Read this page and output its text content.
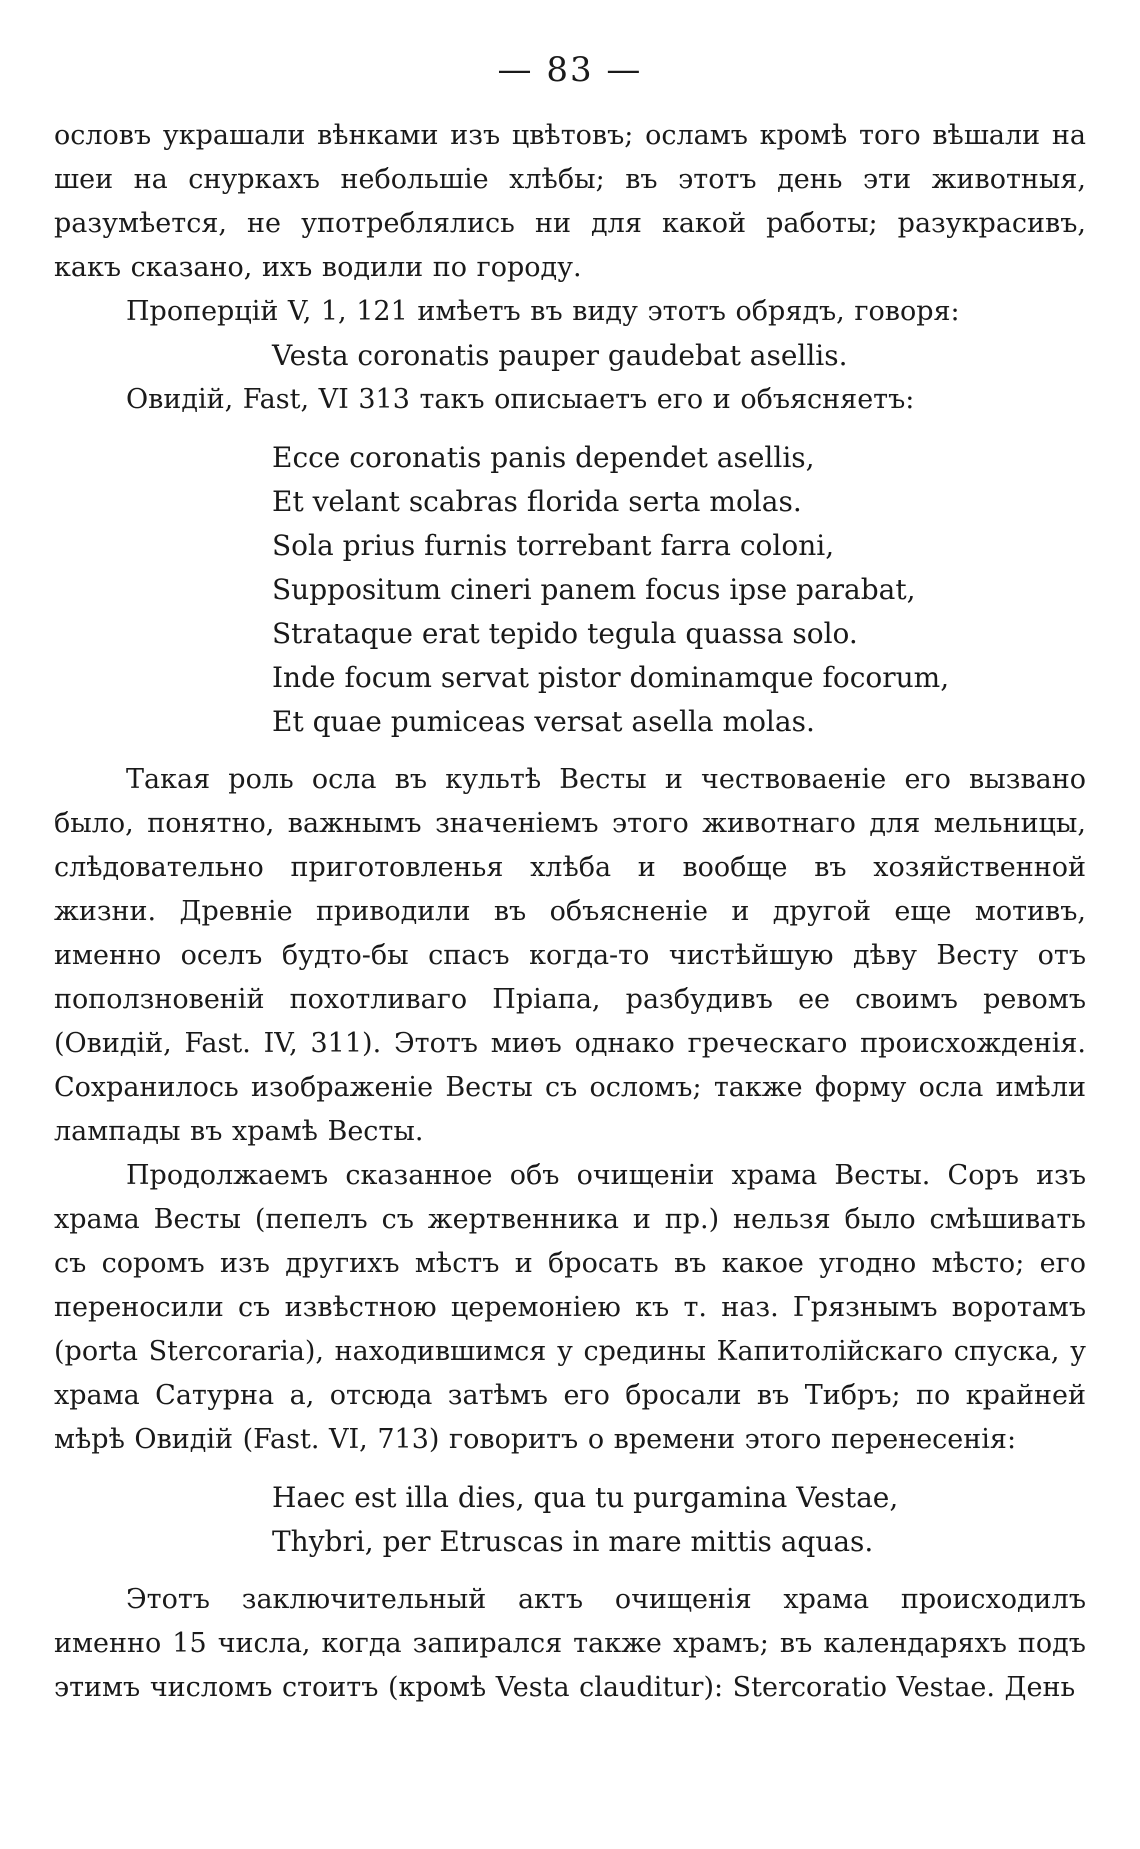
— 83 —

ословъ украшали вѣнками изъ цвѣтовъ; осламъ кромѣ того вѣшали на шеи на снуркахъ небольшіе хлѣбы; въ этотъ день эти животныя, разумѣется, не употреблялись ни для какой работы; разукрасивъ, какъ сказано, ихъ водили по городу.

Проперцій V, 1, 121 имѣетъ въ виду этотъ обрядъ, говоря:

Vesta coronatis pauper gaudebat asellis.

Овидій, Fast, VI 313 такъ описыаетъ его и объясняетъ:

Ecce coronatis panis dependet asellis,

Et velant scabras florida serta molas.

Sola prius furnis torrebant farra coloni,

Suppositum cineri panem focus ipse parabat,

Strataque erat tepido tegula quassa solo.

Inde focum servat pistor dominamque focorum,

Et quae pumiceas versat asella molas.

Такая роль осла въ культѣ Весты и чествоваеніе его вызвано было, понятно, важнымъ значеніемъ этого животнаго для мельницы, слѣдовательно приготовленья хлѣба и вообще въ хозяйственной жизни. Древніе приводили въ объясненіе и другой еще мотивъ, именно оселъ будто-бы спасъ когда-то чистѣйшую дѣву Весту отъ поползновеній похотливаго Пріапа, разбудивъ ее своимъ ревомъ (Овидій, Fast. IV, 311). Этотъ миѳъ однако греческаго происхожденія. Сохранилось изображеніе Весты съ осломъ; также форму осла имѣли лампады въ храмѣ Весты.

Продолжаемъ сказанное объ очищеніи храма Весты. Соръ изъ храма Весты (пепелъ съ жертвенника и пр.) нельзя было смѣшивать съ соромъ изъ другихъ мѣстъ и бросать въ какое угодно мѣсто; его переносили съ извѣстною церемоніею къ т. наз. Грязнымъ воротамъ (porta Stercoraria), находившимся у средины Капитолійскаго спуска, у храма Сатурна а, отсюда затѣмъ его бросали въ Тибръ; по крайней мѣрѣ Овидій (Fast. VI, 713) говоритъ о времени этого перенесенія:

Haec est illa dies, qua tu purgamina Vestae,

Thybri, per Etruscas in mare mittis aquas.

Этотъ заключительный актъ очищенія храма происходилъ именно 15 числа, когда запирался также храмъ; въ календаряхъ подъ этимъ числомъ стоитъ (кромѣ Vesta clauditur): Stercoratio Vestae. День
